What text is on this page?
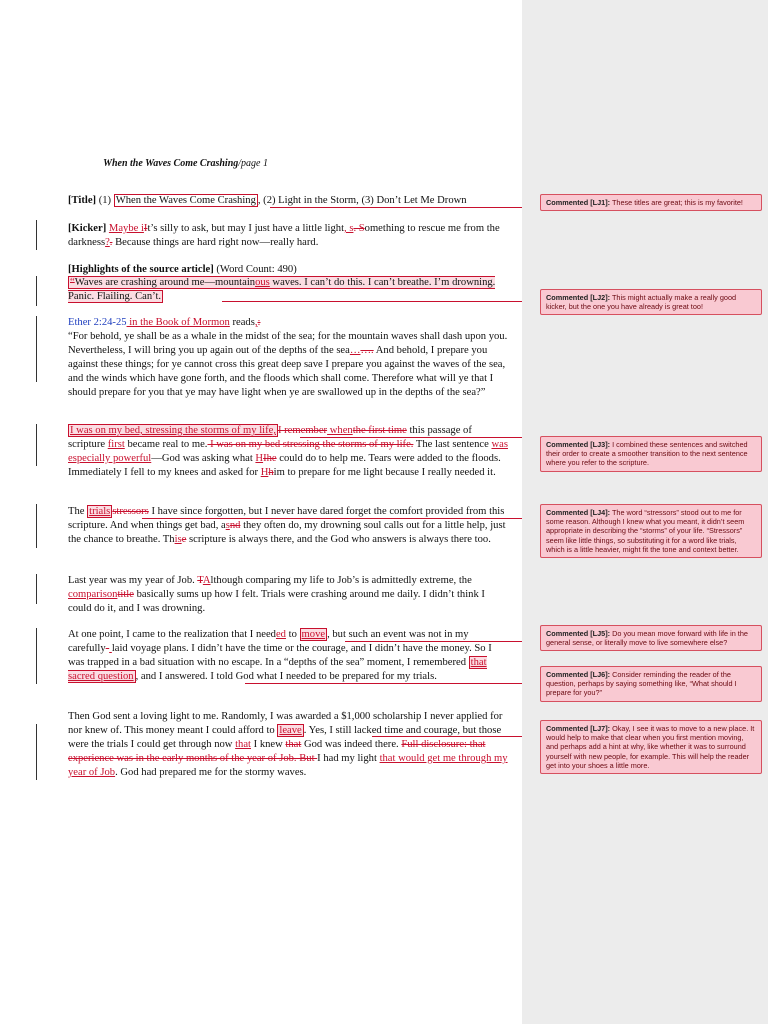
When the Waves Come Crashing/page 1
[Title] (1) When the Waves Come Crashing , (2) Light in the Storm, (3) Don’t Let Me Drown
[Kicker] Maybe iIt’s silly to ask, but may I just have a little light, s. Something to rescue me from the darkness?. Because things are hard right now—really hard.
[Highlights of the source article] (Word Count: 490)
“Waves are crashing around me—mountainous waves. I can’t do this. I can’t breathe. I’m drowning. Panic. Flailing. Can’t.
Ether 2:24-25 in the Book of Mormon reads,:
“For behold, ye shall be as a whale in the midst of the sea; for the mountain waves shall dash upon you. Nevertheless, I will bring you up again out of the depths of the sea……. And behold, I prepare you against these things; for ye cannot cross this great deep save I prepare you against the waves of the sea, and the winds which have gone forth, and the floods which shall come. Therefore what will ye that I should prepare for you that ye may have light when ye are swallowed up in the depths of the sea?”
I was on my bed, stressing the storms of my life, I remember whenthe first time this passage of scripture first became real to me. I was on my bed stressing the storms of my life. The last sentence was especially powerful—God was asking what HIhe could do to help me. Tears were added to the floods. Immediately I fell to my knees and asked for Hhim to prepare for me light because I really needed it.
The trials stressors I have since forgotten, but I never have dared forget the comfort provided from this scripture. And when things get bad, asnd they often do, my drowning soul calls out for a little help, just the chance to breathe. Thise scripture is always there, and the God who answers is always there too.
Last year was my year of Job. TAlthough comparing my life to Job’s is admittedly extreme, the comparisontitle basically sums up how I felt. Trials were crashing around me daily. I didn’t think I could do it, and I was drowning.
At one point, I came to the realization that I needed to move , but such an event was not in my carefully- laid voyage plans. I didn’t have the time or the courage, and I didn’t have the money. So I was trapped in a bad situation with no escape. In a “depths of the sea” moment, I remembered that sacred question , and I answered. I told God what I needed to be prepared for my trials.
Then God sent a loving light to me. Randomly, I was awarded a $1,000 scholarship I never applied for nor knew of. This money meant I could afford to leave . Yes, I still lacked time and courage, but those were the trials I could get through now that I knew that God was indeed there. Full disclosure: that experience was in the early months of the year of Job. But I had my light that would get me through my year of Job. God had prepared me for the stormy waves.
Commented [LJ1]: These titles are great; this is my favorite!
Commented [LJ2]: This might actually make a really good kicker, but the one you have already is great too!
Commented [LJ3]: I combined these sentences and switched their order to create a smoother transition to the next sentence where you refer to the scripture.
Commented [LJ4]: The word “stressors” stood out to me for some reason. Although I knew what you meant, it didn’t seem appropriate in describing the “storms” of your life. “Stressors” seem like little things, so substituting it for a word like trials, which is a little heavier, might fit the tone and context better.
Commented [LJ5]: Do you mean move forward with life in the general sense, or literally move to live somewhere else?
Commented [LJ6]: Consider reminding the reader of the question, perhaps by saying something like, “What should I prepare for you?”
Commented [LJ7]: Okay, I see it was to move to a new place. It would help to make that clear when you first mention moving, and perhaps add a hint at why, like whether it was to surround yourself with new people, for example. This will help the reader get into your shoes a little more.
